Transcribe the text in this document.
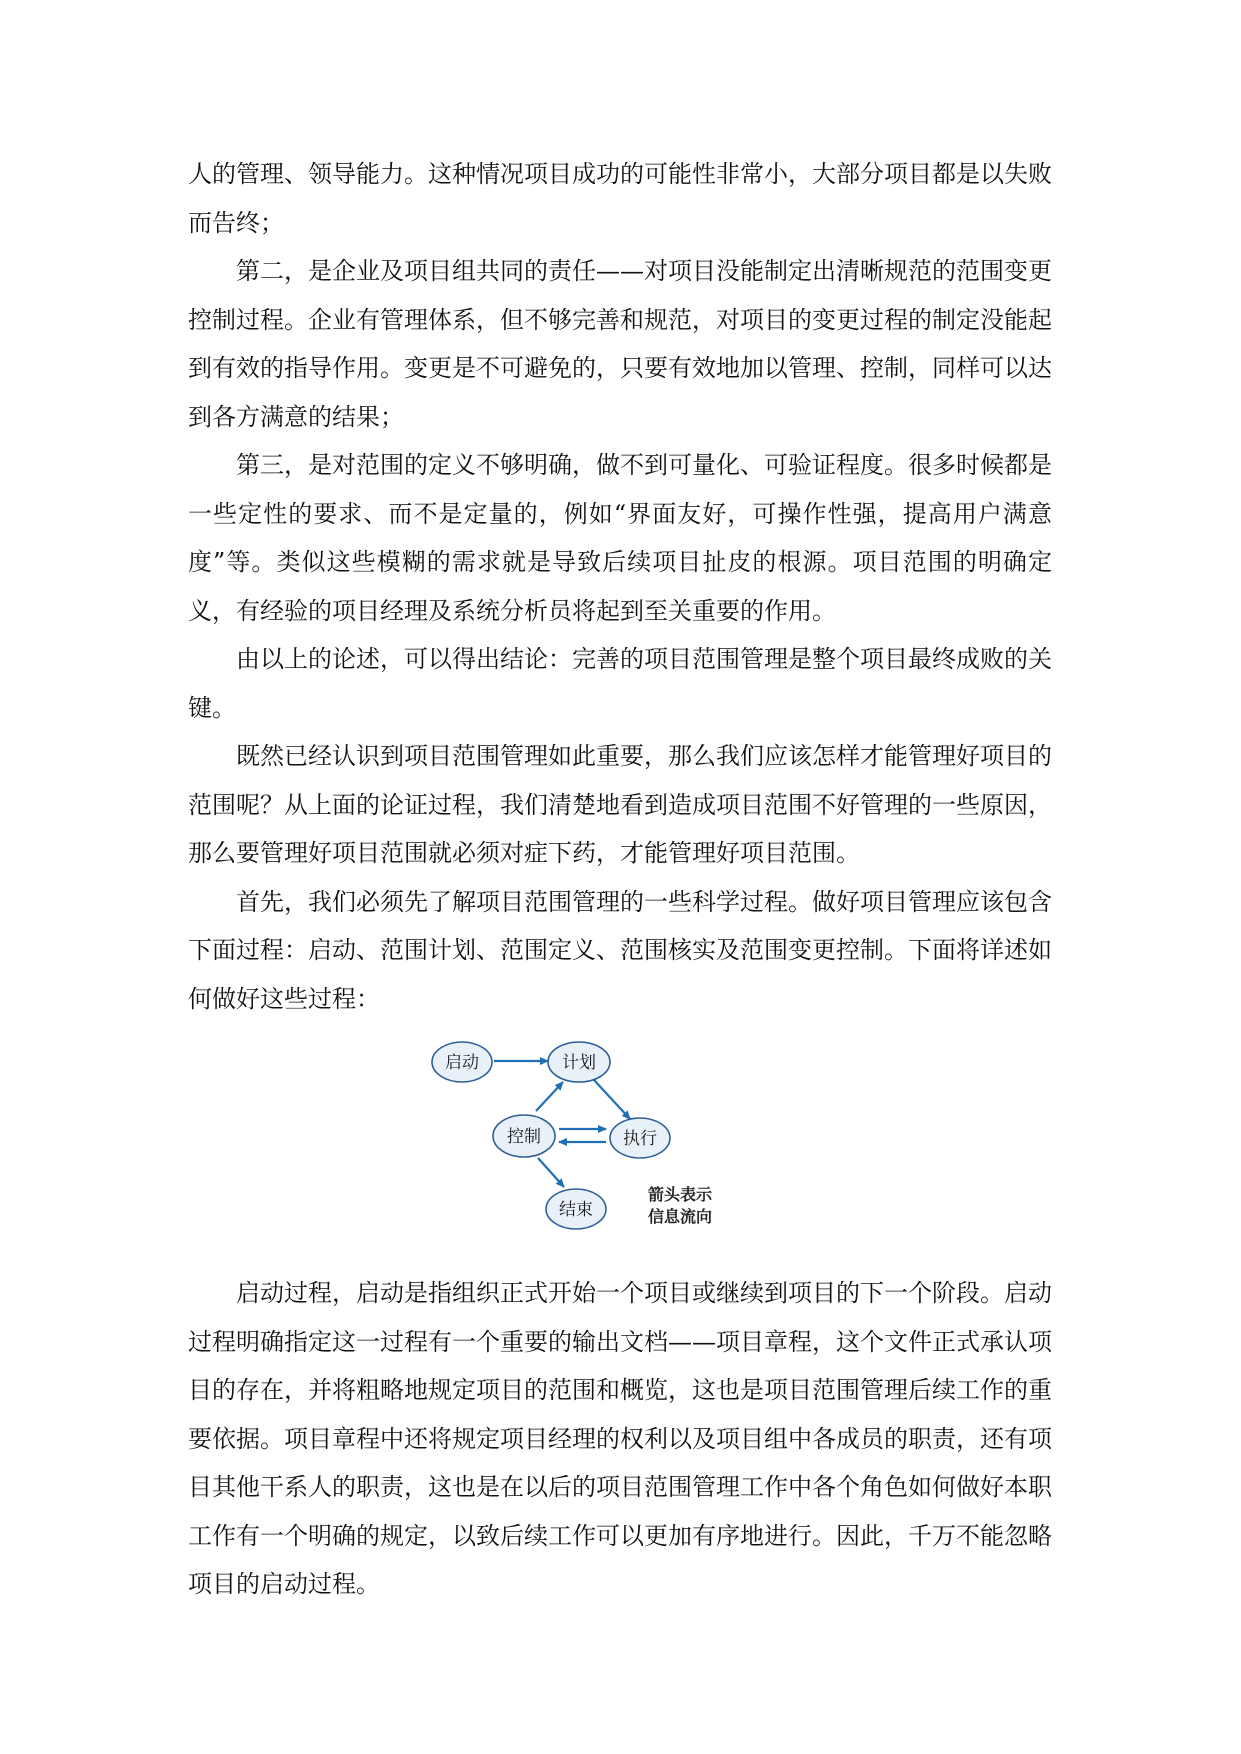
人的管理、领导能力。这种情况项目成功的可能性非常小，大部分项目都是以失败而告终；

第二，是企业及项目组共同的责任——对项目没能制定出清晰规范的范围变更控制过程。企业有管理体系，但不够完善和规范，对项目的变更过程的制定没能起到有效的指导作用。变更是不可避免的，只要有效地加以管理、控制，同样可以达到各方满意的结果；

第三，是对范围的定义不够明确，做不到可量化、可验证程度。很多时候都是一些定性的要求、而不是定量的，例如“界面友好，可操作性强，提高用户满意度”等。类似这些模糊的需求就是导致后续项目扯皮的根源。项目范围的明确定义，有经验的项目经理及系统分析员将起到至关重要的作用。

由以上的论述，可以得出结论：完善的项目范围管理是整个项目最终成败的关键。

既然已经认识到项目范围管理如此重要，那么我们应该怎样才能管理好项目的范围呢？从上面的论证过程，我们清楚地看到造成项目范围不好管理的一些原因，那么要管理好项目范围就必须对症下药，才能管理好项目范围。

首先，我们必须先了解项目范围管理的一些科学过程。做好项目管理应该包含下面过程：启动、范围计划、范围定义、范围核实及范围变更控制。下面将详述如何做好这些过程：

启动	计划
控制	执行
结束
箭头表示
信息流向

启动过程，启动是指组织正式开始一个项目或继续到项目的下一个阶段。启动过程明确指定这一过程有一个重要的输出文档——项目章程，这个文件正式承认项目的存在，并将粗略地规定项目的范围和概览，这也是项目范围管理后续工作的重要依据。项目章程中还将规定项目经理的权利以及项目组中各成员的职责，还有项目其他干系人的职责，这也是在以后的项目范围管理工作中各个角色如何做好本职工作有一个明确的规定，以致后续工作可以更加有序地进行。因此，千万不能忽略项目的启动过程。
